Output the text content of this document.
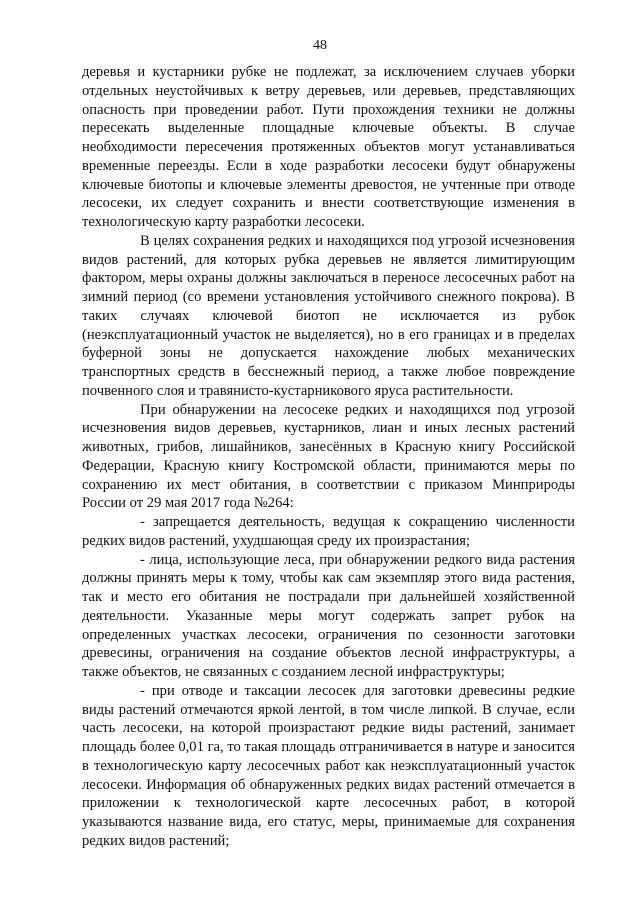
48

деревья и кустарники рубке не подлежат, за исключением случаев уборки отдельных неустойчивых к ветру деревьев, или деревьев, представляющих опасность при проведении работ. Пути прохождения техники не должны пересекать выделенные площадные ключевые объекты. В случае необходимости пересечения протяженных объектов могут устанавливаться временные переезды. Если в ходе разработки лесосеки будут обнаружены ключевые биотопы и ключевые элементы древостоя, не учтенные при отводе лесосеки, их следует сохранить и внести соответствующие изменения в технологическую карту разработки лесосеки.

В целях сохранения редких и находящихся под угрозой исчезновения видов растений, для которых рубка деревьев не является лимитирующим фактором, меры охраны должны заключаться в переносе лесосечных работ на зимний период (со времени установления устойчивого снежного покрова). В таких случаях ключевой биотоп не исключается из рубок (неэксплуатационный участок не выделяется), но в его границах и в пределах буферной зоны не допускается нахождение любых механических транспортных средств в бесснежный период, а также любое повреждение почвенного слоя и травянисто-кустарникового яруса растительности.

При обнаружении на лесосеке редких и находящихся под угрозой исчезновения видов деревьев, кустарников, лиан и иных лесных растений животных, грибов, лишайников, занесённых в Красную книгу Российской Федерации, Красную книгу Костромской области, принимаются меры по сохранению их мест обитания, в соответствии с приказом Минприроды России от 29 мая 2017 года №264:

- запрещается деятельность, ведущая к сокращению численности редких видов растений, ухудшающая среду их произрастания;

- лица, использующие леса, при обнаружении редкого вида растения должны принять меры к тому, чтобы как сам экземпляр этого вида растения, так и место его обитания не пострадали при дальнейшей хозяйственной деятельности. Указанные меры могут содержать запрет рубок на определенных участках лесосеки, ограничения по сезонности заготовки древесины, ограничения на создание объектов лесной инфраструктуры, а также объектов, не связанных с созданием лесной инфраструктуры;

- при отводе и таксации лесосек для заготовки древесины редкие виды растений отмечаются яркой лентой, в том числе липкой. В случае, если часть лесосеки, на которой произрастают редкие виды растений, занимает площадь более 0,01 га, то такая площадь отграничивается в натуре и заносится в технологическую карту лесосечных работ как неэксплуатационный участок лесосеки. Информация об обнаруженных редких видах растений отмечается в приложении к технологической карте лесосечных работ, в которой указываются название вида, его статус, меры, принимаемые для сохранения редких видов растений;
